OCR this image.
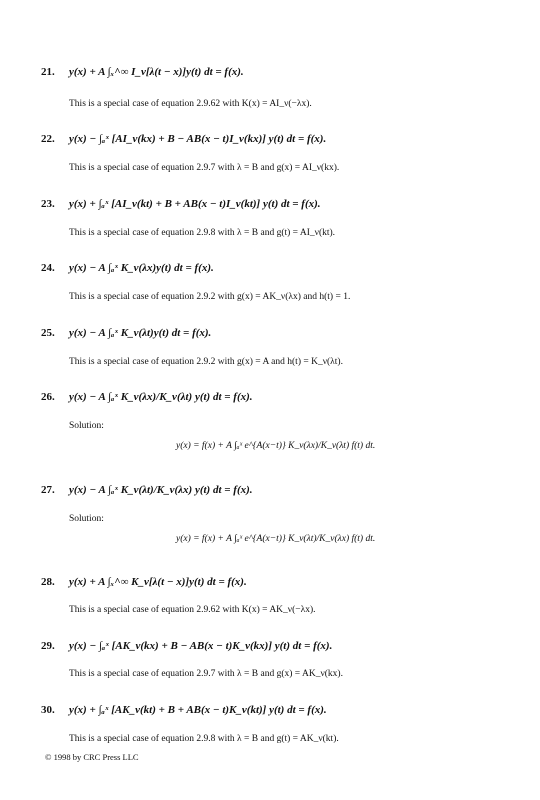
21. y(x) + A ∫ₓ^∞ I_ν[λ(t − x)]y(t) dt = f(x).
This is a special case of equation 2.9.62 with K(x) = AI_ν(−λx).
22. y(x) − ∫ₐˣ [AI_ν(kx) + B − AB(x − t)I_ν(kx)] y(t) dt = f(x).
This is a special case of equation 2.9.7 with λ = B and g(x) = AI_ν(kx).
23. y(x) + ∫ₐˣ [AI_ν(kt) + B + AB(x − t)I_ν(kt)] y(t) dt = f(x).
This is a special case of equation 2.9.8 with λ = B and g(t) = AI_ν(kt).
24. y(x) − A ∫ₐˣ K_ν(λx)y(t) dt = f(x).
This is a special case of equation 2.9.2 with g(x) = AK_ν(λx) and h(t) = 1.
25. y(x) − A ∫ₐˣ K_ν(λt)y(t) dt = f(x).
This is a special case of equation 2.9.2 with g(x) = A and h(t) = K_ν(λt).
26. y(x) − A ∫ₐˣ K_ν(λx)/K_ν(λt) y(t) dt = f(x).
Solution:
y(x) = f(x) + A ∫ₐˣ e^{A(x−t)} K_ν(λx)/K_ν(λt) f(t) dt.
27. y(x) − A ∫ₐˣ K_ν(λt)/K_ν(λx) y(t) dt = f(x).
Solution:
y(x) = f(x) + A ∫ₐˣ e^{A(x−t)} K_ν(λt)/K_ν(λx) f(t) dt.
28. y(x) + A ∫ₓ^∞ K_ν[λ(t − x)]y(t) dt = f(x).
This is a special case of equation 2.9.62 with K(x) = AK_ν(−λx).
29. y(x) − ∫ₐˣ [AK_ν(kx) + B − AB(x − t)K_ν(kx)] y(t) dt = f(x).
This is a special case of equation 2.9.7 with λ = B and g(x) = AK_ν(kx).
30. y(x) + ∫ₐˣ [AK_ν(kt) + B + AB(x − t)K_ν(kt)] y(t) dt = f(x).
This is a special case of equation 2.9.8 with λ = B and g(t) = AK_ν(kt).
© 1998 by CRC Press LLC
